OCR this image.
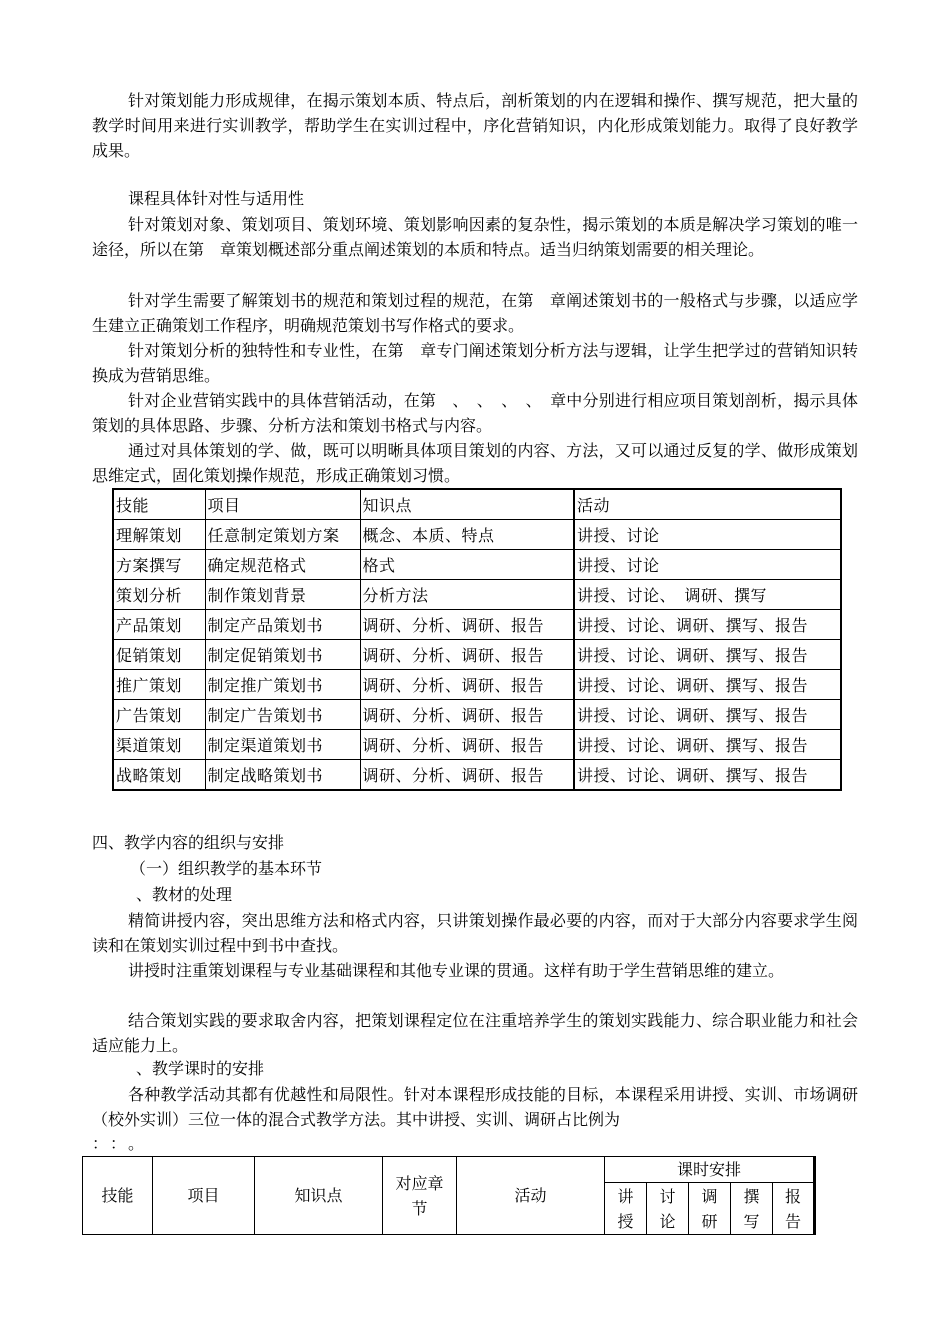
针对策划能力形成规律，在揭示策划本质、特点后，剖析策划的内在逻辑和操作、撰写规范，把大量的教学时间用来进行实训教学，帮助学生在实训过程中，序化营销知识，内化形成策划能力。取得了良好教学成果。

课程具体针对性与适用性

针对策划对象、策划项目、策划环境、策划影响因素的复杂性，揭示策划的本质是解决学习策划的唯一途径，所以在第　章策划概述部分重点阐述策划的本质和特点。适当归纳策划需要的相关理论。

针对学生需要了解策划书的规范和策划过程的规范，在第　章阐述策划书的一般格式与步骤，以适应学生建立正确策划工作程序，明确规范策划书写作格式的要求。

针对策划分析的独特性和专业性，在第　章专门阐述策划分析方法与逻辑，让学生把学过的营销知识转换成为营销思维。

针对企业营销实践中的具体营销活动，在第　、　、　、　、　章中分别进行相应项目策划剖析，揭示具体策划的具体思路、步骤、分析方法和策划书格式与内容。

通过对具体策划的学、做，既可以明晰具体项目策划的内容、方法，又可以通过反复的学、做形成策划思维定式，固化策划操作规范，形成正确策划习惯。

技能	项目	知识点	活动
理解策划	任意制定策划方案	概念、本质、特点	讲授、讨论
方案撰写	确定规范格式	格式	讲授、讨论
策划分析	制作策划背景	分析方法	讲授、讨论、　调研、撰写
产品策划	制定产品策划书	调研、分析、调研、报告	讲授、讨论、调研、撰写、报告
促销策划	制定促销策划书	调研、分析、调研、报告	讲授、讨论、调研、撰写、报告
推广策划	制定推广策划书	调研、分析、调研、报告	讲授、讨论、调研、撰写、报告
广告策划	制定广告策划书	调研、分析、调研、报告	讲授、讨论、调研、撰写、报告
渠道策划	制定渠道策划书	调研、分析、调研、报告	讲授、讨论、调研、撰写、报告
战略策划	制定战略策划书	调研、分析、调研、报告	讲授、讨论、调研、撰写、报告

四、教学内容的组织与安排

（一）组织教学的基本环节

、教材的处理

精简讲授内容，突出思维方法和格式内容，只讲策划操作最必要的内容，而对于大部分内容要求学生阅读和在策划实训过程中到书中查找。

讲授时注重策划课程与专业基础课程和其他专业课的贯通。这样有助于学生营销思维的建立。

结合策划实践的要求取舍内容，把策划课程定位在注重培养学生的策划实践能力、综合职业能力和社会适应能力上。

、教学课时的安排

各种教学活动其都有优越性和局限性。针对本课程形成技能的目标，本课程采用讲授、实训、市场调研（校外实训）三位一体的混合式教学方法。其中讲授、实训、调研占比例为

：：。

技能	项目	知识点	对应章节	活动	课时安排				
					讲授	讨论	调研	撰写	报告
